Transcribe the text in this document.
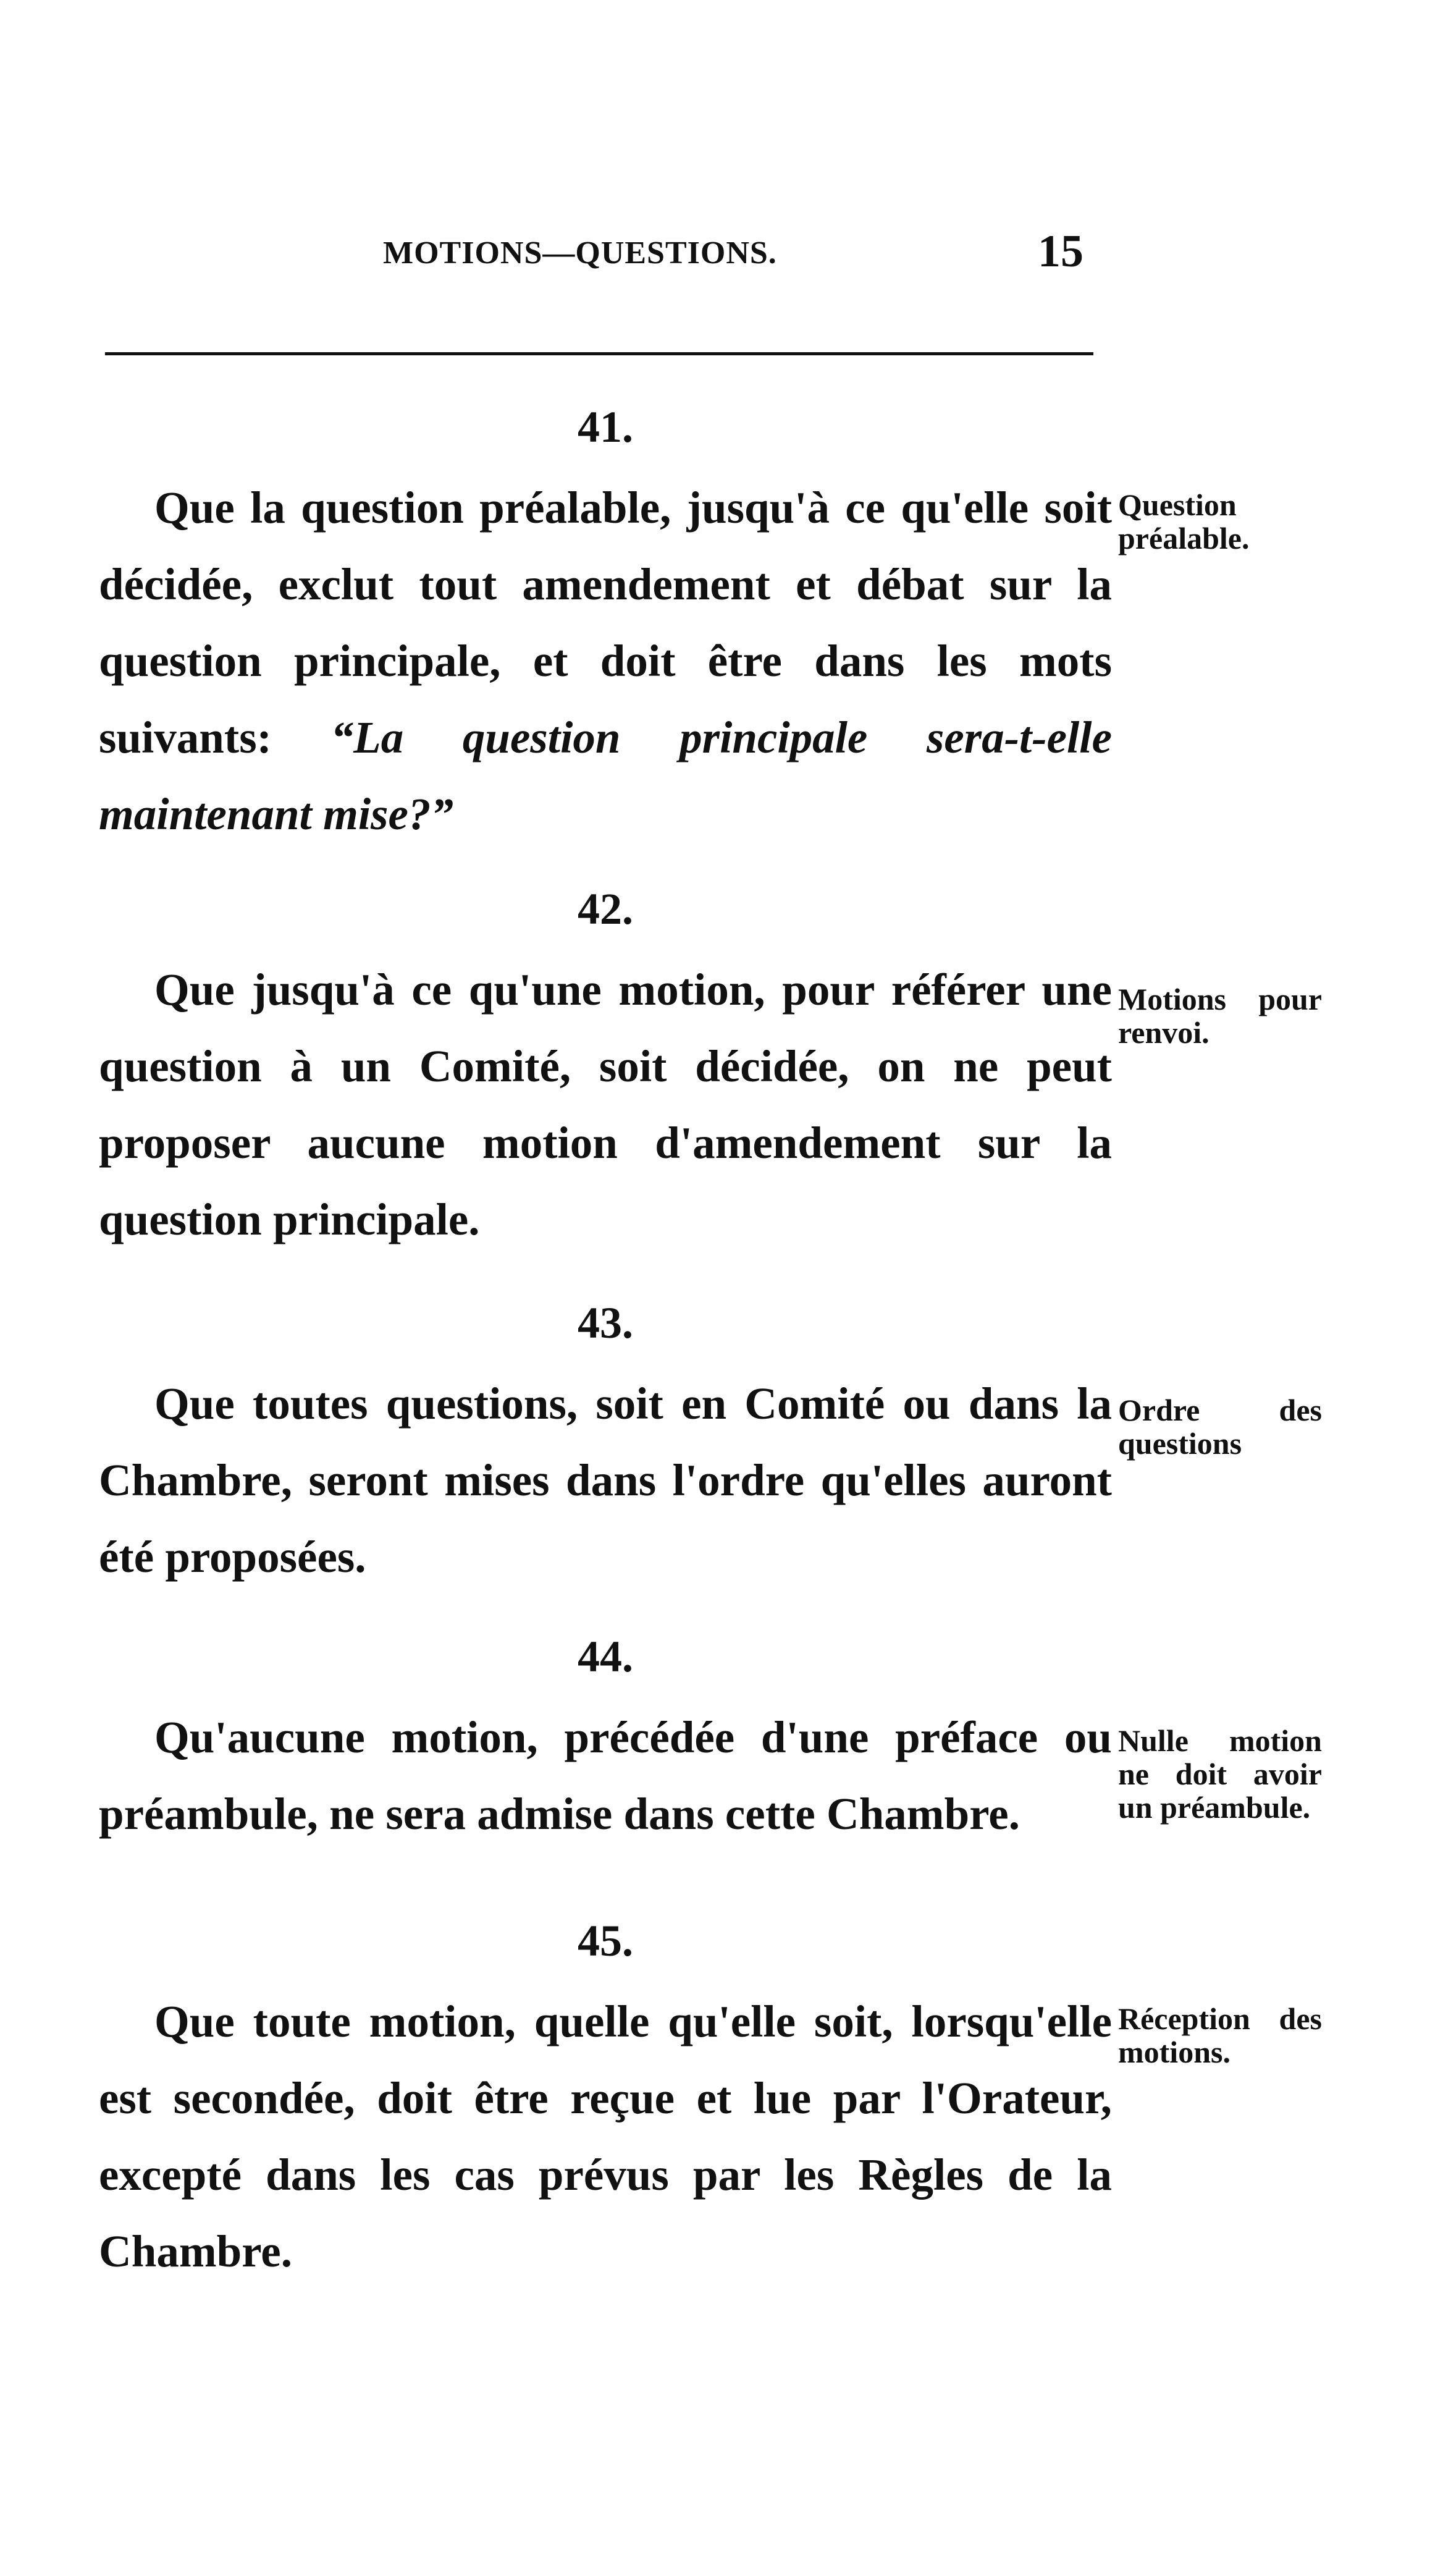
MOTIONS—QUESTIONS.	15
41.

Que la question préalable, jusqu'à ce qu'elle soit décidée, exclut tout amendement et débat sur la question principale, et doit être dans les mots suivants: “La question principale sera-t-elle maintenant mise?”

Question préalable.
42.

Que jusqu'à ce qu'une motion, pour référer une question à un Comité, soit décidée, on ne peut proposer aucune motion d'amendement sur la question principale.

Motions pour renvoi.
43.

Que toutes questions, soit en Comité ou dans la Chambre, seront mises dans l'ordre qu'elles auront été proposées.

Ordre des questions
44.

Qu'aucune motion, précédée d'une préface ou préambule, ne sera admise dans cette Chambre.

Nulle motion ne doit avoir un préambule.
45.

Que toute motion, quelle qu'elle soit, lorsqu'elle est secondée, doit être reçue et lue par l'Orateur, excepté dans les cas prévus par les Règles de la Chambre.

Réception des motions.
